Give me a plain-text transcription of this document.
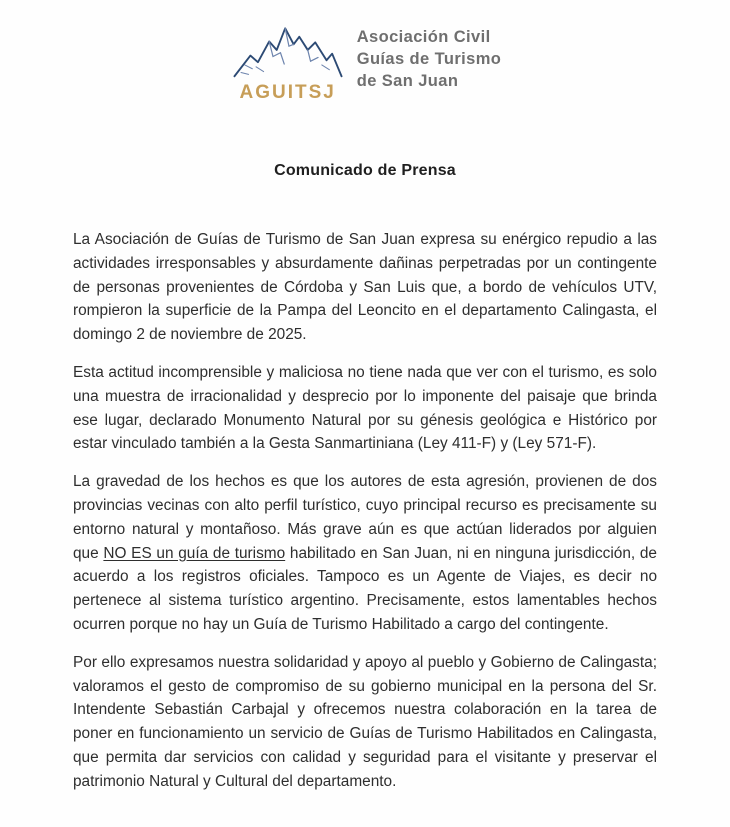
AGUITSJ
Asociación Civil
Guías de Turismo
de San Juan
Comunicado de Prensa

La Asociación de Guías de Turismo de San Juan expresa su enérgico repudio a las actividades irresponsables y absurdamente dañinas perpetradas por un contingente de personas provenientes de Córdoba y San Luis que, a bordo de vehículos UTV, rompieron la superficie de la Pampa del Leoncito en el departamento Calingasta, el domingo 2 de noviembre de 2025.

Esta actitud incomprensible y maliciosa no tiene nada que ver con el turismo, es solo una muestra de irracionalidad y desprecio por lo imponente del paisaje que brinda ese lugar, declarado Monumento Natural por su génesis geológica e Histórico por estar vinculado también a la Gesta Sanmartiniana (Ley 411-F) y (Ley 571-F).

La gravedad de los hechos es que los autores de esta agresión, provienen de dos provincias vecinas con alto perfil turístico, cuyo principal recurso es precisamente su entorno natural y montañoso. Más grave aún es que actúan liderados por alguien que NO ES un guía de turismo habilitado en San Juan, ni en ninguna jurisdicción, de acuerdo a los registros oficiales. Tampoco es un Agente de Viajes, es decir no pertenece al sistema turístico argentino. Precisamente, estos lamentables hechos ocurren porque no hay un Guía de Turismo Habilitado a cargo del contingente.

Por ello expresamos nuestra solidaridad y apoyo al pueblo y Gobierno de Calingasta; valoramos el gesto de compromiso de su gobierno municipal en la persona del Sr. Intendente Sebastián Carbajal y ofrecemos nuestra colaboración en la tarea de poner en funcionamiento un servicio de Guías de Turismo Habilitados en Calingasta, que permita dar servicios con calidad y seguridad para el visitante y preservar el patrimonio Natural y Cultural del departamento.
